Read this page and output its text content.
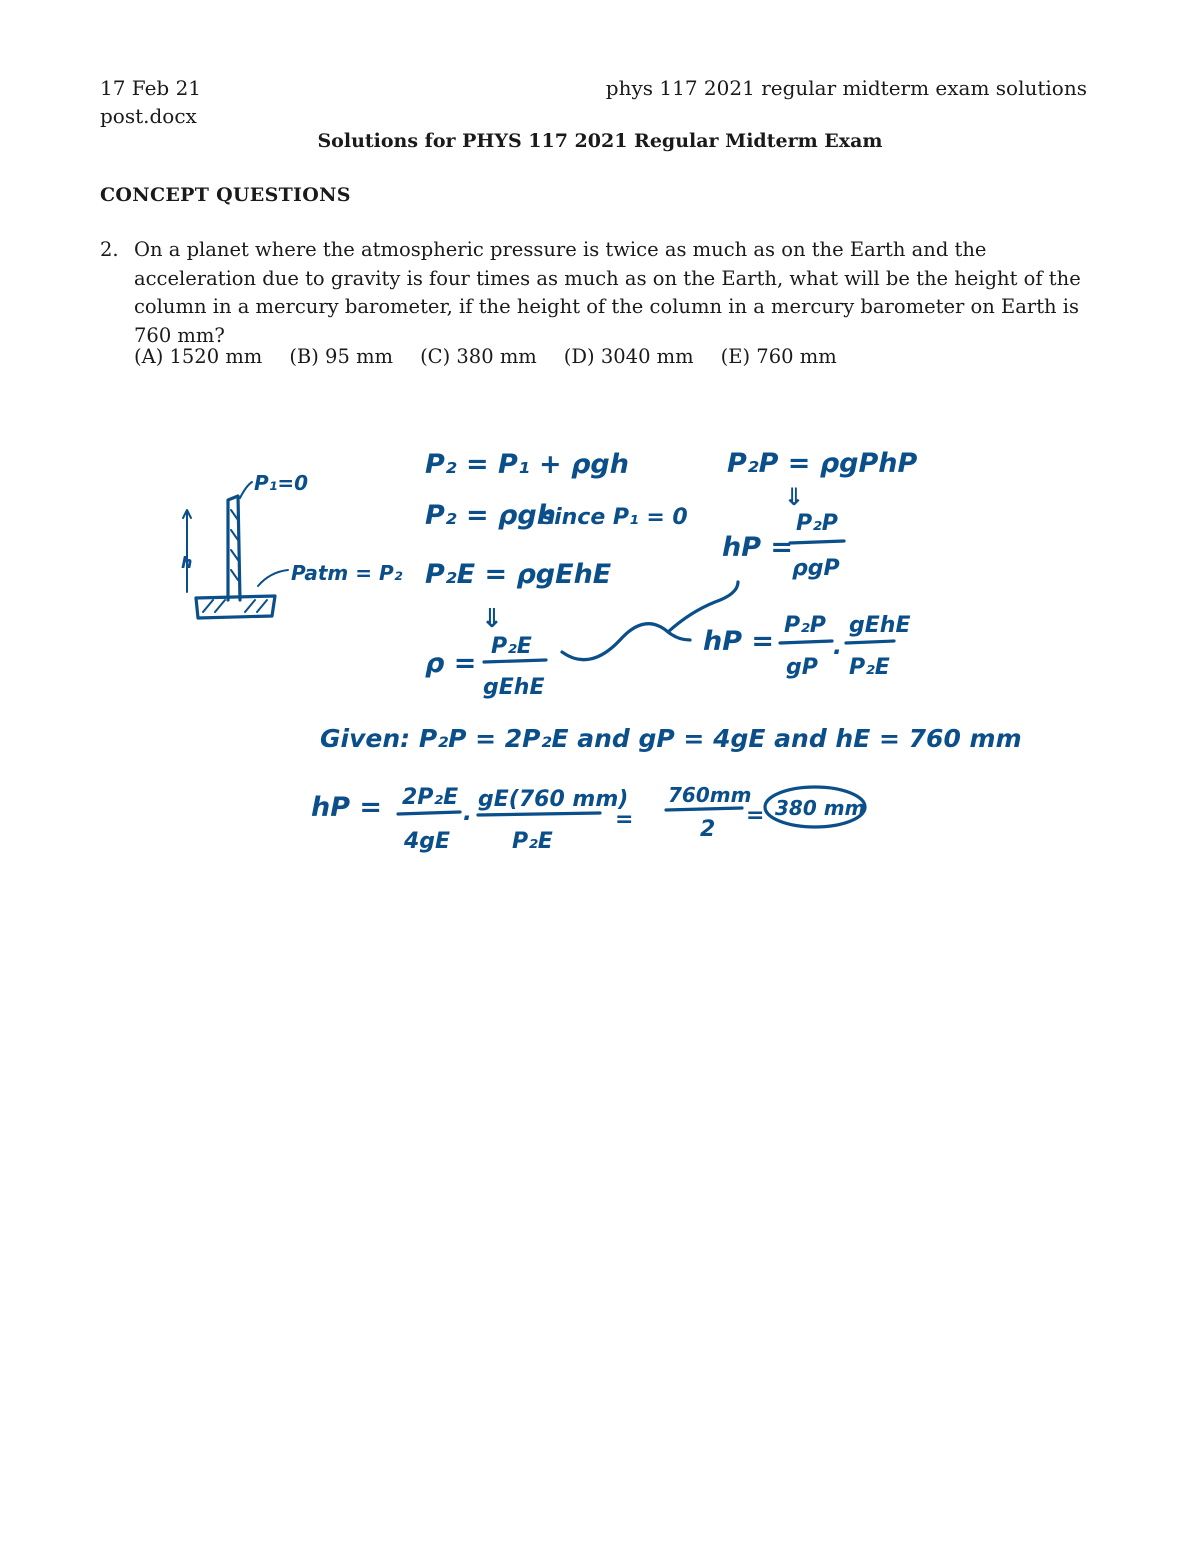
17 Feb 21
post.docx
phys 117 2021 regular midterm exam solutions
Solutions for PHYS 117 2021 Regular Midterm Exam
CONCEPT QUESTIONS
2. On a planet where the atmospheric pressure is twice as much as on the Earth and the acceleration due to gravity is four times as much as on the Earth, what will be the height of the column in a mercury barometer, if the height of the column in a mercury barometer on Earth is 760 mm?
(A) 1520 mm (B) 95 mm (C) 380 mm (D) 3040 mm (E) 760 mm
h
P₁=0
Patm = P₂
P₂ = P₁ + ρgh
P₂ = ρgh
since P₁ = 0
P₂E = ρgEhE
⇓
ρ =
P₂E
gEhE
P₂P = ρgPhP
⇓
hP =
P₂P
ρgP
hP =
P₂P
gP
·
gEhE
P₂E
Given: P₂P = 2P₂E and gP = 4gE and hE = 760 mm
hP = 2P₂E
4gE
·
gE(760 mm)
P₂E
=
760mm
2
= 380 mm
